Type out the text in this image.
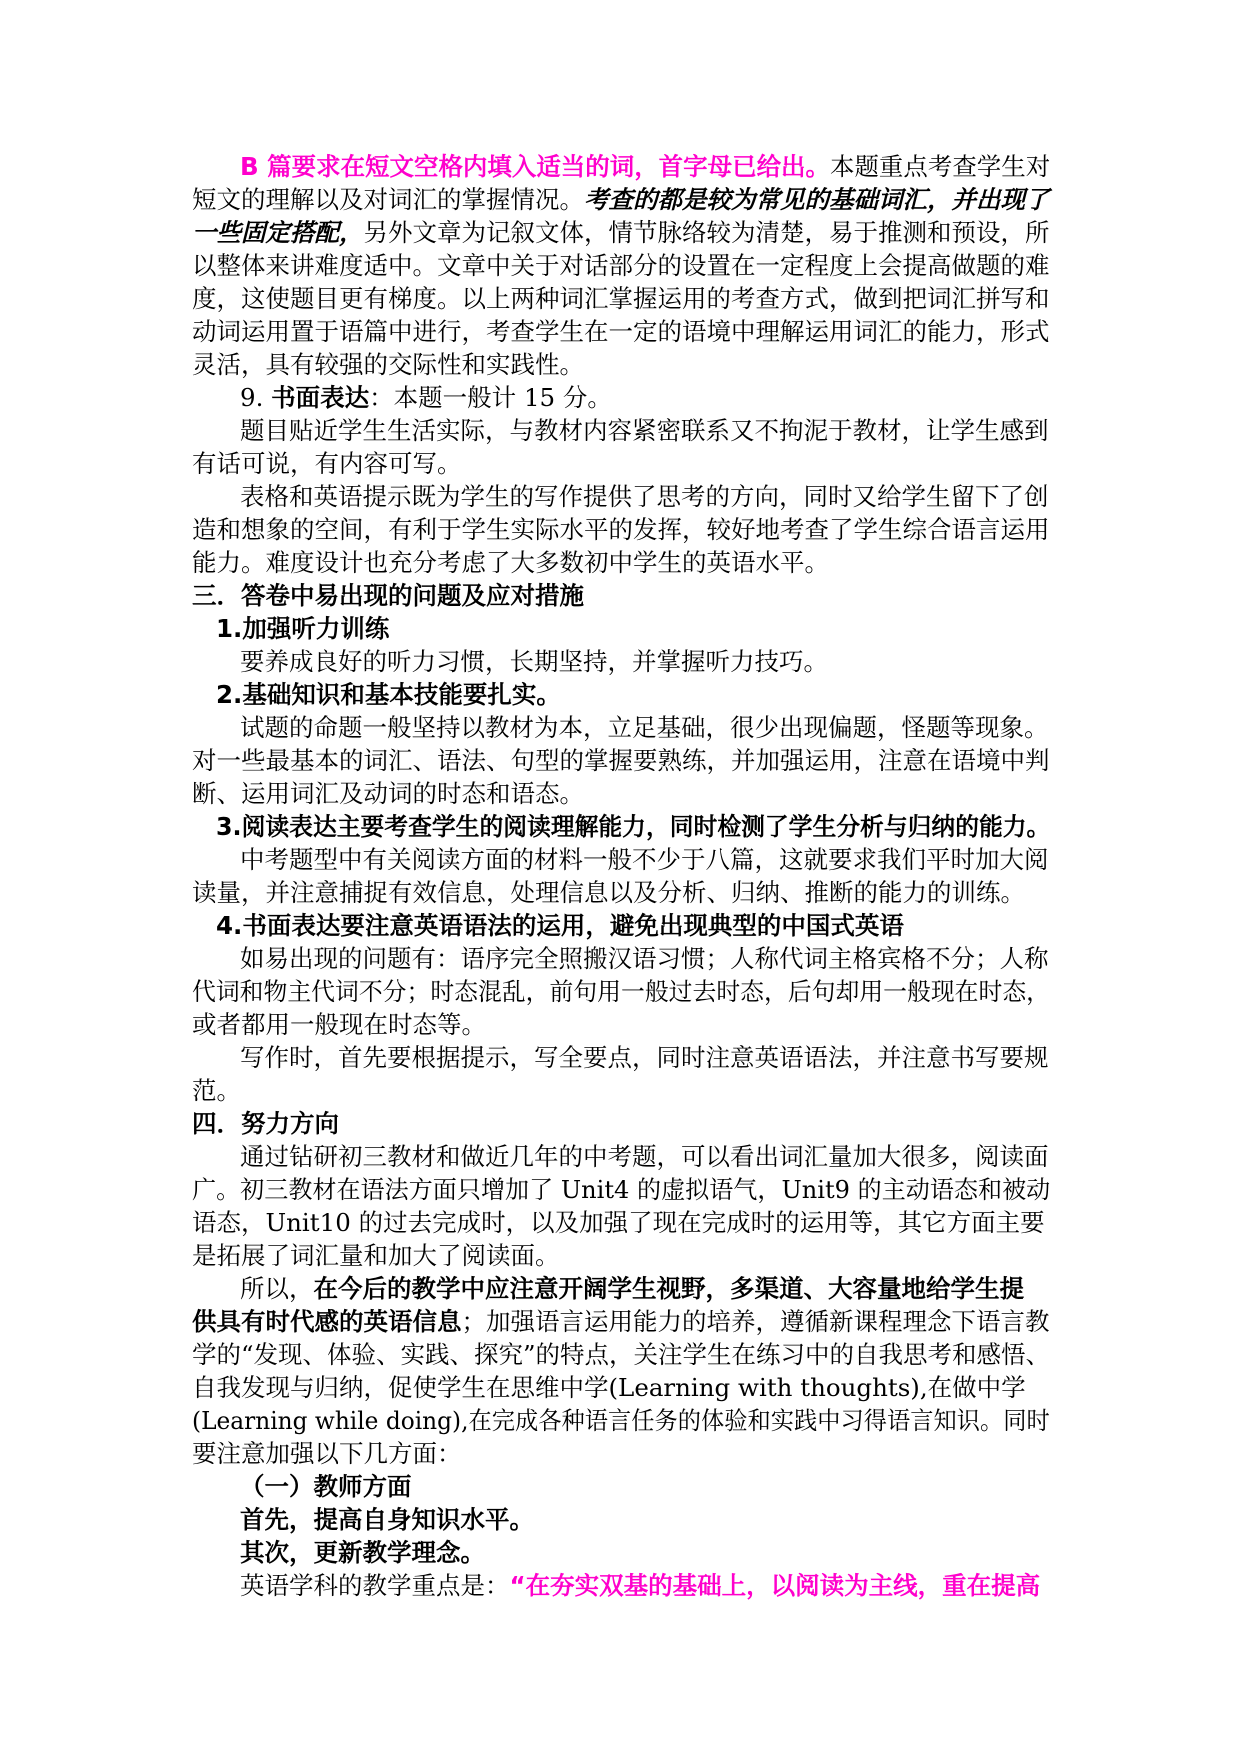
B 篇要求在短文空格内填入适当的词，首字母已给出。本题重点考查学生对
短文的理解以及对词汇的掌握情况。考查的都是较为常见的基础词汇，并出现了
一些固定搭配，另外文章为记叙文体，情节脉络较为清楚，易于推测和预设，所
以整体来讲难度适中。文章中关于对话部分的设置在一定程度上会提高做题的难
度，这使题目更有梯度。以上两种词汇掌握运用的考查方式，做到把词汇拼写和
动词运用置于语篇中进行，考查学生在一定的语境中理解运用词汇的能力，形式
灵活，具有较强的交际性和实践性。
9. 书面表达：本题一般计 15 分。
题目贴近学生生活实际，与教材内容紧密联系又不拘泥于教材，让学生感到
有话可说，有内容可写。
表格和英语提示既为学生的写作提供了思考的方向，同时又给学生留下了创
造和想象的空间，有利于学生实际水平的发挥，较好地考查了学生综合语言运用
能力。难度设计也充分考虑了大多数初中学生的英语水平。
三．答卷中易出现的问题及应对措施
1.加强听力训练
要养成良好的听力习惯，长期坚持，并掌握听力技巧。
2.基础知识和基本技能要扎实。
试题的命题一般坚持以教材为本，立足基础，很少出现偏题，怪题等现象。
对一些最基本的词汇、语法、句型的掌握要熟练，并加强运用，注意在语境中判
断、运用词汇及动词的时态和语态。
3.阅读表达主要考查学生的阅读理解能力，同时检测了学生分析与归纳的能力。
中考题型中有关阅读方面的材料一般不少于八篇，这就要求我们平时加大阅
读量，并注意捕捉有效信息，处理信息以及分析、归纳、推断的能力的训练。
4.书面表达要注意英语语法的运用，避免出现典型的中国式英语
如易出现的问题有：语序完全照搬汉语习惯；人称代词主格宾格不分；人称
代词和物主代词不分；时态混乱，前句用一般过去时态，后句却用一般现在时态，
或者都用一般现在时态等。
写作时，首先要根据提示，写全要点，同时注意英语语法，并注意书写要规
范。
四．努力方向
通过钻研初三教材和做近几年的中考题，可以看出词汇量加大很多，阅读面
广。初三教材在语法方面只增加了 Unit4 的虚拟语气，Unit9 的主动语态和被动
语态，Unit10 的过去完成时，以及加强了现在完成时的运用等，其它方面主要
是拓展了词汇量和加大了阅读面。
所以，在今后的教学中应注意开阔学生视野，多渠道、大容量地给学生提
供具有时代感的英语信息；加强语言运用能力的培养，遵循新课程理念下语言教
学的“发现、体验、实践、探究”的特点，关注学生在练习中的自我思考和感悟、
自我发现与归纳，促使学生在思维中学(Learning with thoughts),在做中学
(Learning while doing),在完成各种语言任务的体验和实践中习得语言知识。同时
要注意加强以下几方面：
（一）教师方面
首先，提高自身知识水平。
其次，更新教学理念。
英语学科的教学重点是：“在夯实双基的基础上，以阅读为主线，重在提高
